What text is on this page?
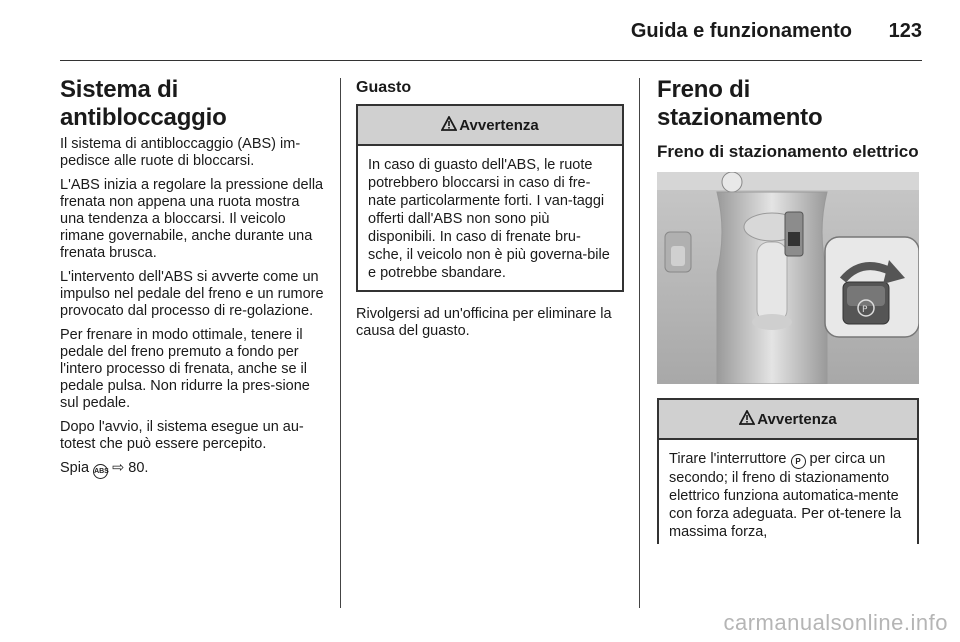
Guida e funzionamento 123
Sistema di antibloccaggio

Il sistema di antibloccaggio (ABS) im-pedisce alle ruote di bloccarsi.

L'ABS inizia a regolare la pressione della frenata non appena una ruota mostra una tendenza a bloccarsi. Il veicolo rimane governabile, anche durante una frenata brusca.

L'intervento dell'ABS si avverte come un impulso nel pedale del freno e un rumore provocato dal processo di re-golazione.

Per frenare in modo ottimale, tenere il pedale del freno premuto a fondo per l'intero processo di frenata, anche se il pedale pulsa. Non ridurre la pres-sione sul pedale.

Dopo l'avvio, il sistema esegue un au-totest che può essere percepito.

Spia ABS ⇨ 80.

Guasto
Avvertenza

In caso di guasto dell'ABS, le ruote potrebbero bloccarsi in caso di fre-nate particolarmente forti. I van-taggi offerti dall'ABS non sono più disponibili. In caso di frenate bru-sche, il veicolo non è più governa-bile e potrebbe sbandare.

Rivolgersi ad un'officina per eliminare la causa del guasto.

Freno di stazionamento
Freno di stazionamento elettrico
P
Avvertenza

Tirare l'interruttore P per circa un secondo; il freno di stazionamento elettrico funziona automatica-mente con forza adeguata. Per ot-tenere la massima forza,

carmanualsonline.info
